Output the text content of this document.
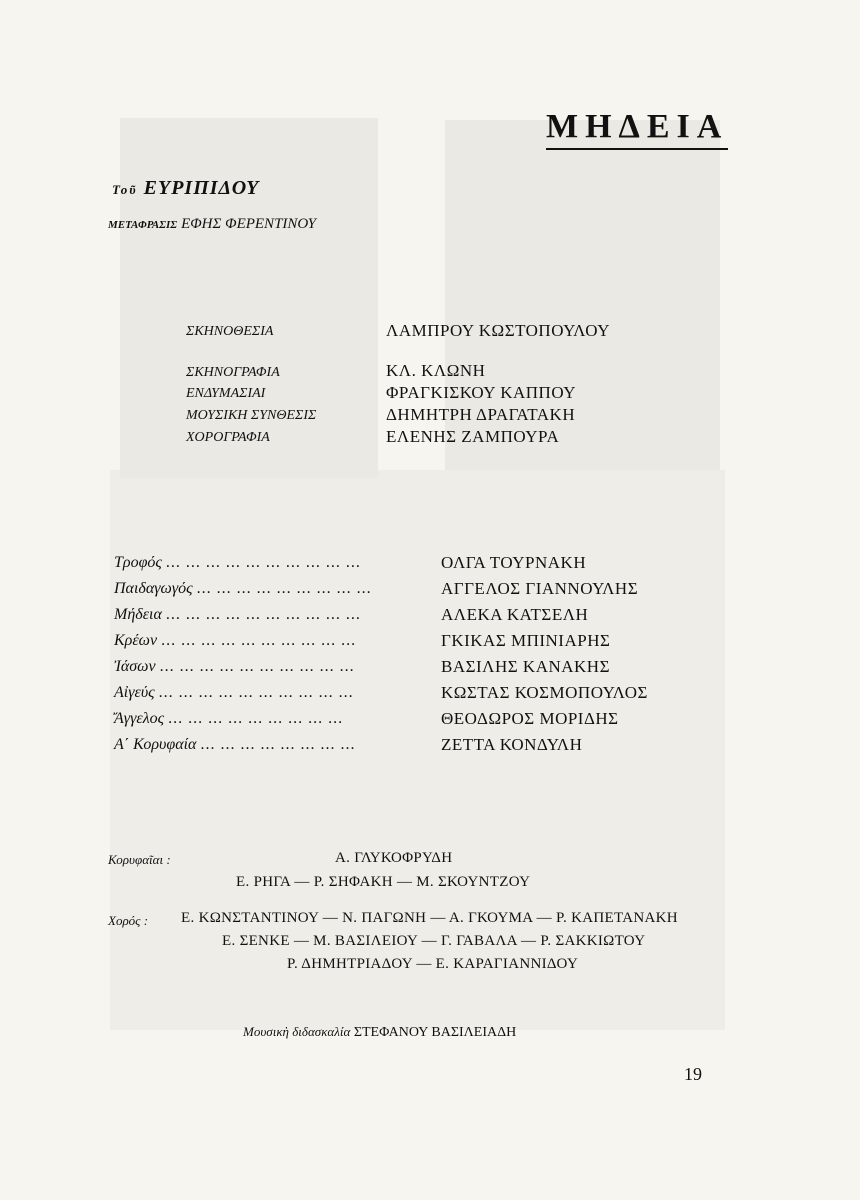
ΜΗΔΕΙΑ
Τοῦ ΕΥΡΙΠΙΔΟΥ
ΜΕΤΑΦΡΑΣΙΣ ΕΦΗΣ ΦΕΡΕΝΤΙΝΟΥ
ΣΚΗΝΟΘΕΣΙΑ	ΛΑΜΠΡΟΥ ΚΩΣΤΟΠΟΥΛΟΥ
ΣΚΗΝΟΓΡΑΦΙΑ	ΚΛ. ΚΛΩΝΗ
ΕΝΔΥΜΑΣΙΑΙ	ΦΡΑΓΚΙΣΚΟΥ ΚΑΠΠΟΥ
ΜΟΥΣΙΚΗ ΣΥΝΘΕΣΙΣ	ΔΗΜΗΤΡΗ ΔΡΑΓΑΤΑΚΗ
ΧΟΡΟΓΡΑΦΙΑ	ΕΛΕΝΗΣ ΖΑΜΠΟΥΡΑ
Τροφός ... ... ... ... ... ... ... ... ... ...	ΟΛΓΑ ΤΟΥΡΝΑΚΗ
Παιδαγωγός ... ... ... ... ... ... ... ... ...	ΑΓΓΕΛΟΣ ΓΙΑΝΝΟΥΛΗΣ
Μήδεια ... ... ... ... ... ... ... ... ... ...	ΑΛΕΚΑ ΚΑΤΣΕΛΗ
Κρέων ... ... ... ... ... ... ... ... ... ...	ΓΚΙΚΑΣ ΜΠΙΝΙΑΡΗΣ
Ἰάσων ... ... ... ... ... ... ... ... ... ...	ΒΑΣΙΛΗΣ ΚΑΝΑΚΗΣ
Αἰγεύς ... ... ... ... ... ... ... ... ... ...	ΚΩΣΤΑΣ ΚΟΣΜΟΠΟΥΛΟΣ
Ἄγγελος ... ... ... ... ... ... ... ... ...	ΘΕΟΔΩΡΟΣ ΜΟΡΙΔΗΣ
Α΄ Κορυφαία ... ... ... ... ... ... ... ...	ΖΕΤΤΑ ΚΟΝΔΥΛΗ
Κορυφαῖαι :	Α. ΓΛΥΚΟΦΡΥΔΗ
Ε. ΡΗΓΑ — Ρ. ΣΗΦΑΚΗ — Μ. ΣΚΟΥΝΤΖΟΥ
Χορός : Ε. ΚΩΝΣΤΑΝΤΙΝΟΥ — Ν. ΠΑΓΩΝΗ — Α. ΓΚΟΥΜΑ — Ρ. ΚΑΠΕΤΑΝΑΚΗ
Ε. ΣΕΝΚΕ — Μ. ΒΑΣΙΛΕΙΟΥ — Γ. ΓΑΒΑΛΑ — Ρ. ΣΑΚΚΙΩΤΟΥ
Ρ. ΔΗΜΗΤΡΙΑΔΟΥ — Ε. ΚΑΡΑΓΙΑΝΝΙΔΟΥ
Μουσικὴ διδασκαλία ΣΤΕΦΑΝΟΥ ΒΑΣΙΛΕΙΑΔΗ
19
